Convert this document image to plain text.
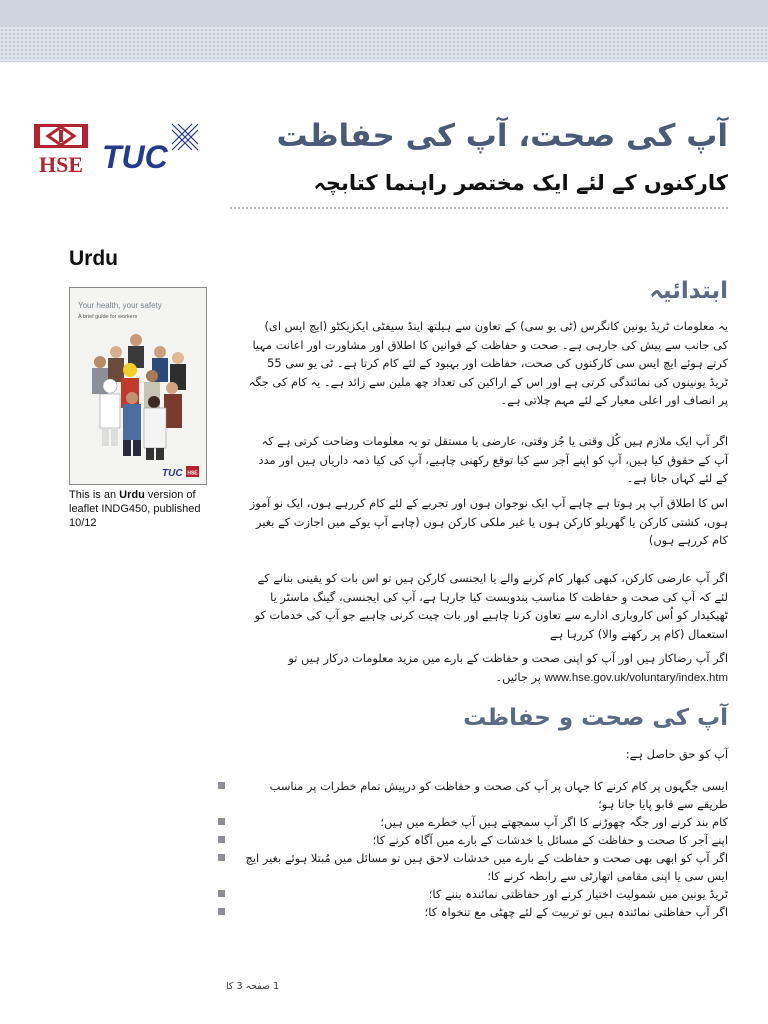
HSE TUC
آپ کی صحت، آپ کی حفاظت
کارکنوں کے لئے ایک مختصر راہنما کتابچہ
Urdu
Your health, your safety
A brief guide for workers
TUC HSE
This is an Urdu version of leaflet INDG450, published 10/12
ابتدائیہ
یہ معلومات ٹریڈ یونین کانگرس (ٹی یو سی) کے تعاون سے ہیلتھ اینڈ سیفٹی ایکزیکٹو (ایچ ایس ای) کی جانب سے پیش کی جارہی ہے۔ صحت و حفاظت کے قوانین کا اطلاق اور مشاورت اور اعانت مہیا کرتے ہوئے ایچ ایس سی کارکنوں کی صحت، حفاظت اور بہبود کے لئے کام کرتا ہے۔ ٹی یو سی 55 ٹریڈ یونینوں کی نمائندگی کرتی ہے اور اس کے اراکین کی تعداد چھ ملین سے زائد ہے۔ یہ کام کی جگہ پر انصاف اور اعلی معیار کے لئے مہم چلاتی ہے۔
اگر آپ ایک ملازم ہیں کُل وقتی یا جُز وقتی، عارضی یا مستقل تو یہ معلومات وضاحت کرتی ہے کہ آپ کے حقوق کیا ہیں، آپ کو اپنے آجر سے کیا توقع رکھنی چاہیے، آپ کی کیا ذمہ داریاں ہیں اور مدد کے لئے کہاں جانا ہے۔
اس کا اطلاق آپ پر ہوتا ہے چاہے آپ ایک نوجوان ہوں اور تجربے کے لئے کام کررہے ہوں، ایک نو آموز ہوں، کشتی کارکن یا گھریلو کارکن ہوں یا غیر ملکی کارکن ہوں (چاہے آپ یوکے میں اجازت کے بغیر کام کررہے ہوں)
اگر آپ عارضی کارکن، کبھی کبھار کام کرنے والے یا ایجنسی کارکن ہیں تو اس بات کو یقینی بنانے کے لئے کہ آپ کی صحت و حفاظت کا مناسب بندوبست کیا جارہا ہے، آپ کی ایجنسی، گینگ ماسٹر یا ٹھیکیدار کو اُس کاروباری ادارے سے تعاون کرنا چاہیے اور بات چیت کرنی چاہیے جو آپ کی خدمات کو استعمال (کام پر رکھنے والا) کررہا ہے
اگر آپ رضاکار ہیں اور آپ کو اپنی صحت و حفاظت کے بارے میں مزید معلومات درکار ہیں تو www.hse.gov.uk/voluntary/index.htm پر جائیں۔
آپ کی صحت و حفاظت
آپ کو حق حاصل ہے:
ایسی جگہوں پر کام کرنے کا جہاں پر آپ کی صحت و حفاظت کو درپیش تمام خطرات پر مناسب طریقے سے قابو پایا جاتا ہو؛
کام بند کرنے اور جگہ چھوڑنے کا اگر آپ سمجھتے ہیں آپ خطرے میں ہیں؛
اپنے آجر کا صحت و حفاظت کے مسائل یا خدشات کے بارے میں آگاہ کرنے کا؛
اگر آپ کو ابھی بھی صحت و حفاظت کے بارے میں خدشات لاحق ہیں تو مسائل میں مُبتلا ہوئے بغیر ایچ ایس سی یا اپنی مقامی اتھارٹی سے رابطہ کرنے کا؛
ٹریڈ یونین میں شمولیت اختیار کرنے اور حفاظتی نمائندہ بننے کا؛
اگر آپ حفاظتی نمائندہ ہیں تو تربیت کے لئے چھٹی مع تنخواہ کا؛
1 صفحہ 3 کا
